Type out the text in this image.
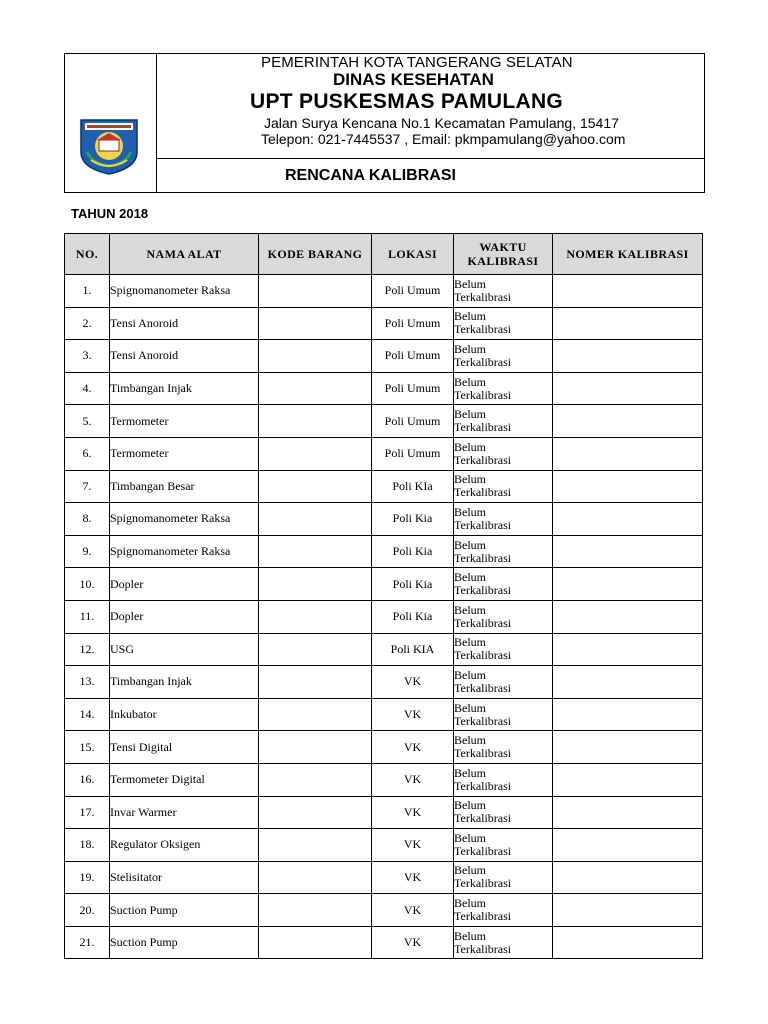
PEMERINTAH KOTA TANGERANG SELATAN
DINAS KESEHATAN
UPT PUSKESMAS PAMULANG
Jalan Surya Kencana No.1 Kecamatan Pamulang, 15417
Telepon: 021-7445537 , Email: pkmpamulang@yahoo.com
RENCANA KALIBRASI
TAHUN 2018
NO.	NAMA ALAT	KODE BARANG	LOKASI	WAKTU KALIBRASI	NOMER KALIBRASI
1.	Spignomanometer Raksa		Poli Umum	Belum
Terkalibrasi	

2.	Tensi Anoroid		Poli Umum	Belum
Terkalibrasi	

3.	Tensi Anoroid		Poli Umum	Belum
Terkalibrasi	

4.	Timbangan Injak		Poli Umum	Belum
Terkalibrasi	

5.	Termometer		Poli Umum	Belum
Terkalibrasi	

6.	Termometer		Poli Umum	Belum
Terkalibrasi	

7.	Timbangan Besar		Poli KIa	Belum
Terkalibrasi	

8.	Spignomanometer Raksa		Poli Kia	Belum
Terkalibrasi	

9.	Spignomanometer Raksa		Poli Kia	Belum
Terkalibrasi	

10.	Dopler		Poli Kia	Belum
Terkalibrasi	

11.	Dopler		Poli Kia	Belum
Terkalibrasi	

12.	USG		Poli KIA	Belum
Terkalibrasi	

13.	Timbangan Injak		VK	Belum
Terkalibrasi	

14.	Inkubator		VK	Belum
Terkalibrasi	

15.	Tensi Digital		VK	Belum
Terkalibrasi	

16.	Termometer Digital		VK	Belum
Terkalibrasi	

17.	Invar Warmer		VK	Belum
Terkalibrasi	

18.	Regulator Oksigen		VK	Belum
Terkalibrasi	

19.	Stelisitator		VK	Belum
Terkalibrasi	

20.	Suction Pump		VK	Belum
Terkalibrasi	

21.	Suction Pump		VK	Belum
Terkalibrasi	
